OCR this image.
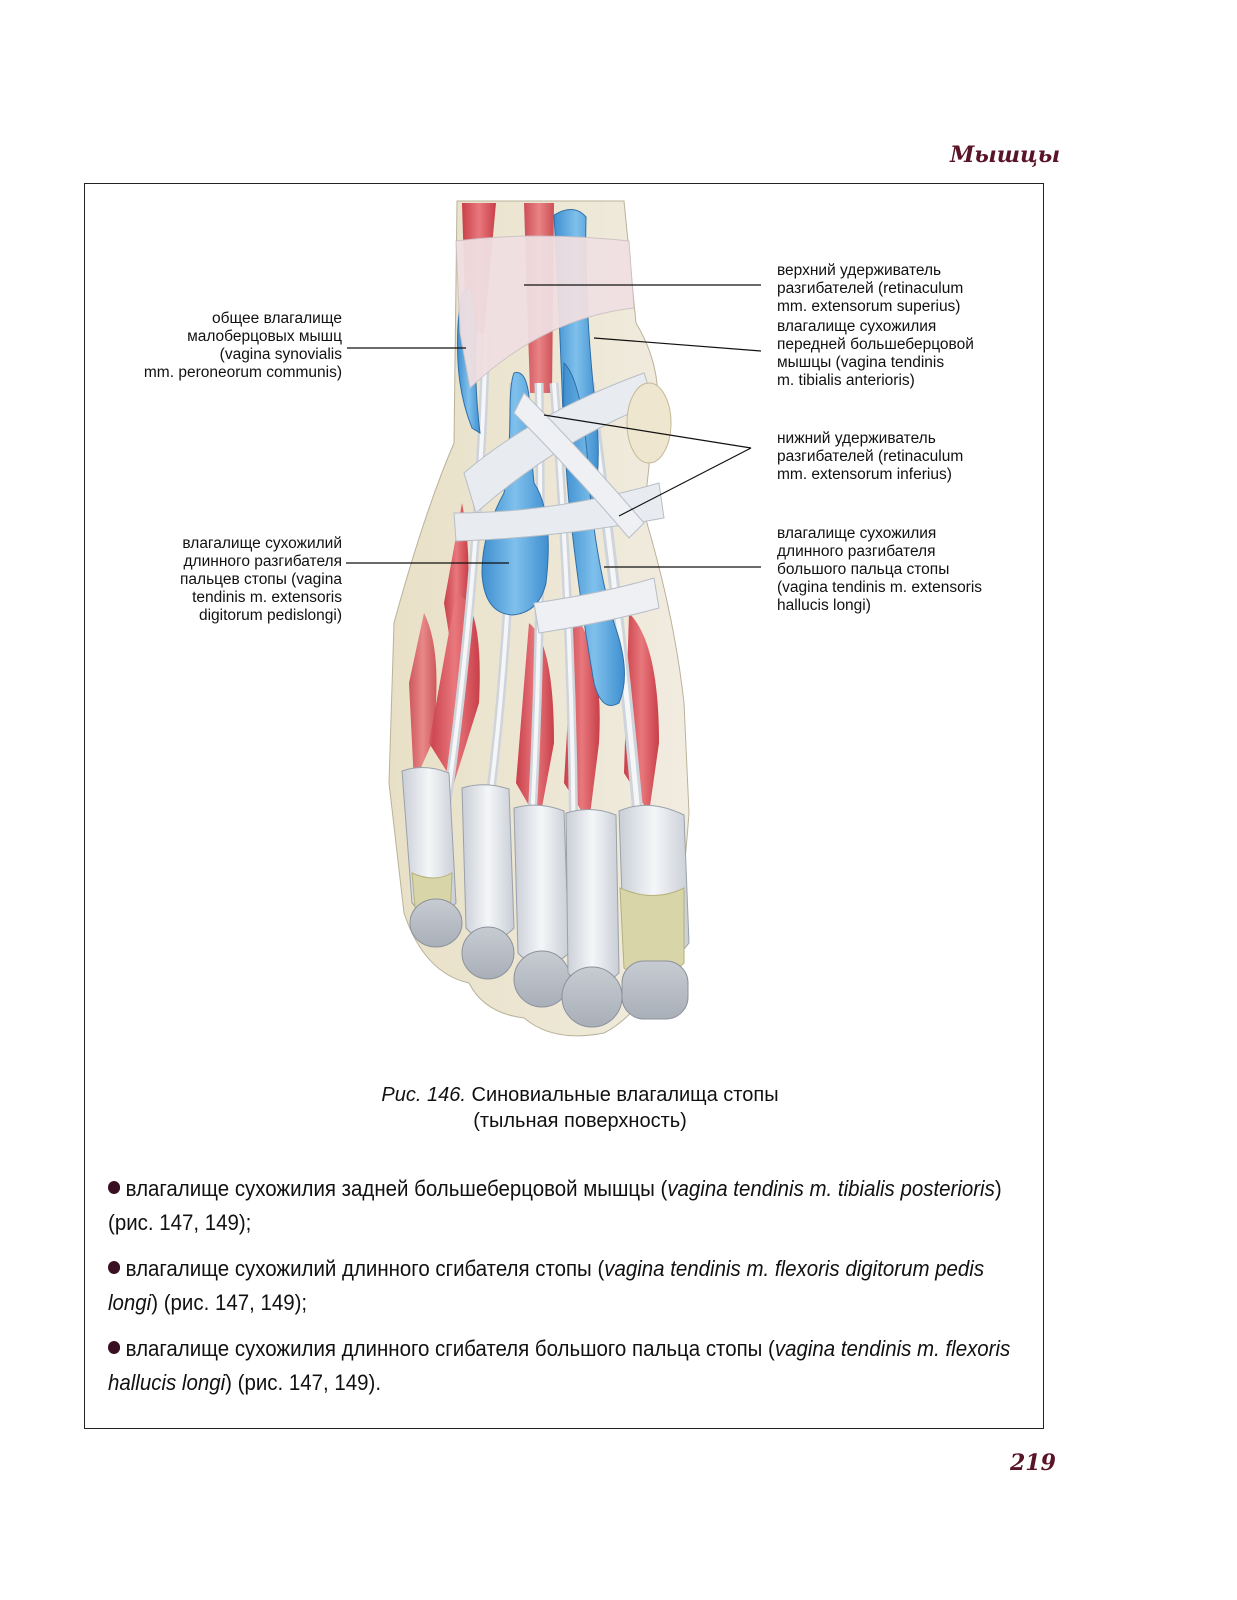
Мышцы
общее влагалище
малоберцовых мышц
(vagina synovialis
mm. peroneorum communis)
влагалище сухожилий
длинного разгибателя
пальцев стопы (vagina
tendinis m. extensoris
digitorum pedislongi)
верхний удерживатель
разгибателей (retinaculum
mm. extensorum superius)
влагалище сухожилия
передней большеберцовой
мышцы (vagina tendinis
m. tibialis anterioris)
нижний удерживатель
разгибателей (retinaculum
mm. extensorum inferius)
влагалище сухожилия
длинного разгибателя
большого пальца стопы
(vagina tendinis m. extensoris
hallucis longi)
Рис. 146. Синовиальные влагалища стопы
(тыльная поверхность)
влагалище сухожилия задней большеберцовой мышцы (vagina tendinis m. tibialis posterioris) (рис. 147, 149);
влагалище сухожилий длинного сгибателя стопы (vagina tendinis m. flexoris digitorum pedis longi) (рис. 147, 149);
влагалище сухожилия длинного сгибателя большого пальца стопы (vagina tendinis m. flexoris hallucis longi) (рис. 147, 149).
219
